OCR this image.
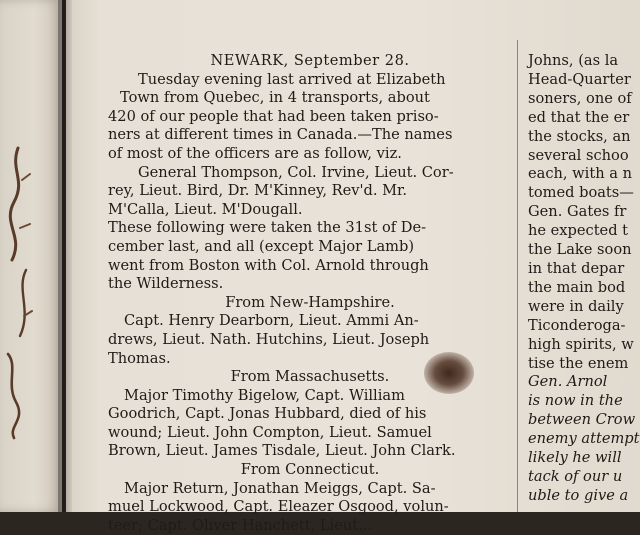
NEWARK, September 28.
Tuesday evening last arrived at Elizabeth
Town from Quebec, in 4 transports, about
420 of our people that had been taken priso-
ners at different times in Canada.—The names
of most of the officers are as follow, viz.
General Thompson, Col. Irvine, Lieut. Cor-
rey, Lieut. Bird, Dr. M'Kinney, Rev'd. Mr.
M'Calla, Lieut. M'Dougall.
These following were taken the 31st of De-
cember last, and all (except Major Lamb)
went from Boston with Col. Arnold through
the Wilderness.
From New-Hampshire.
Capt. Henry Dearborn, Lieut. Ammi An-
drews, Lieut. Nath. Hutchins, Lieut. Joseph
Thomas.
From Massachusetts.
Major Timothy Bigelow, Capt. William
Goodrich, Capt. Jonas Hubbard, died of his
wound; Lieut. John Compton, Lieut. Samuel
Brown, Lieut. James Tisdale, Lieut. John Clark.
From Connecticut.
Major Return, Jonathan Meiggs, Capt. Sa-
muel Lockwood, Capt. Eleazer Osgood, volun-
teer; Capt. Oliver Hanchett, Lieut...
Johns, (as la
Head-Quarter
soners, one of
ed that the er
the stocks, an
several schoo
each, with a n
tomed boats—
Gen. Gates fr
he expected t
the Lake soon
in that depar
the main bod
were in daily
Ticonderoga-
high spirits, w
tise the enem
Gen. Arnol
is now in the
between Crow
enemy attempt
likely he will
tack of our u
uble to give a
